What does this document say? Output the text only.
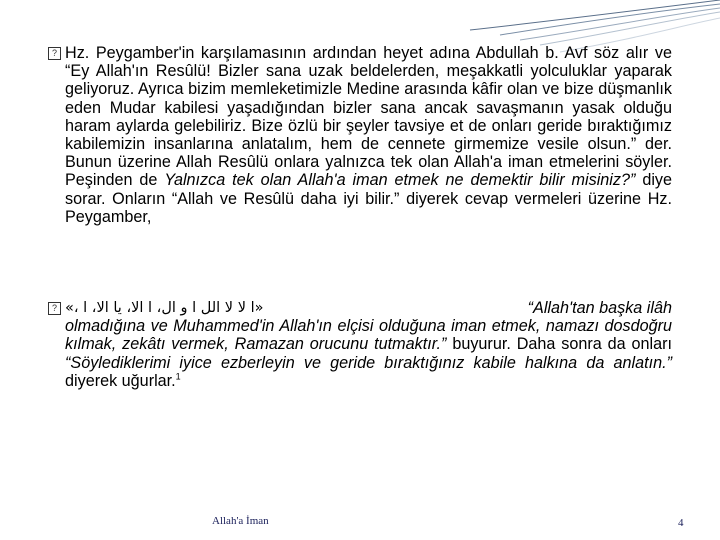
? Hz. Peygamber'in karşılamasının ardından heyet adına Abdullah b. Avf söz alır ve “Ey Allah'ın Resûlü! Bizler sana uzak beldelerden, meşakkatli yolculuklar yaparak geliyoruz. Ayrıca bizim memleketimizle Medine arasında kâfir olan ve bize düşmanlık eden Mudar kabilesi yaşadığından bizler sana ancak savaşmanın yasak olduğu haram aylarda gelebiliriz. Bize özlü bir şeyler tavsiye et de onları geride bıraktığımız kabilemizin insanlarına anlatalım, hem de cennete girmemize vesile olsun.” der. Bunun üzerine Allah Resûlü onlara yalnızca tek olan Allah'a iman etmelerini söyler. Peşinden de Yalnızca tek olan Allah'a iman etmek ne demektir bilir misiniz?” diye sorar. Onların “Allah ve Resûlü daha iyi bilir.” diyerek cevap vermeleri üzerine Hz. Peygamber,

? «ا لا لا الل ا و ال، ا الا، يا الا، ا ،»	“Allah'tan başka ilâh

olmadığına ve Muhammed'in Allah'ın elçisi olduğuna iman etmek, namazı dosdoğru kılmak, zekâtı vermek, Ramazan orucunu tutmaktır.” buyurur. Daha sonra da onları “Söylediklerimi iyice ezberleyin ve geride bıraktığınız kabile halkına da anlatın.” diyerek uğurlar.$^1$

Allah'a İman	4
